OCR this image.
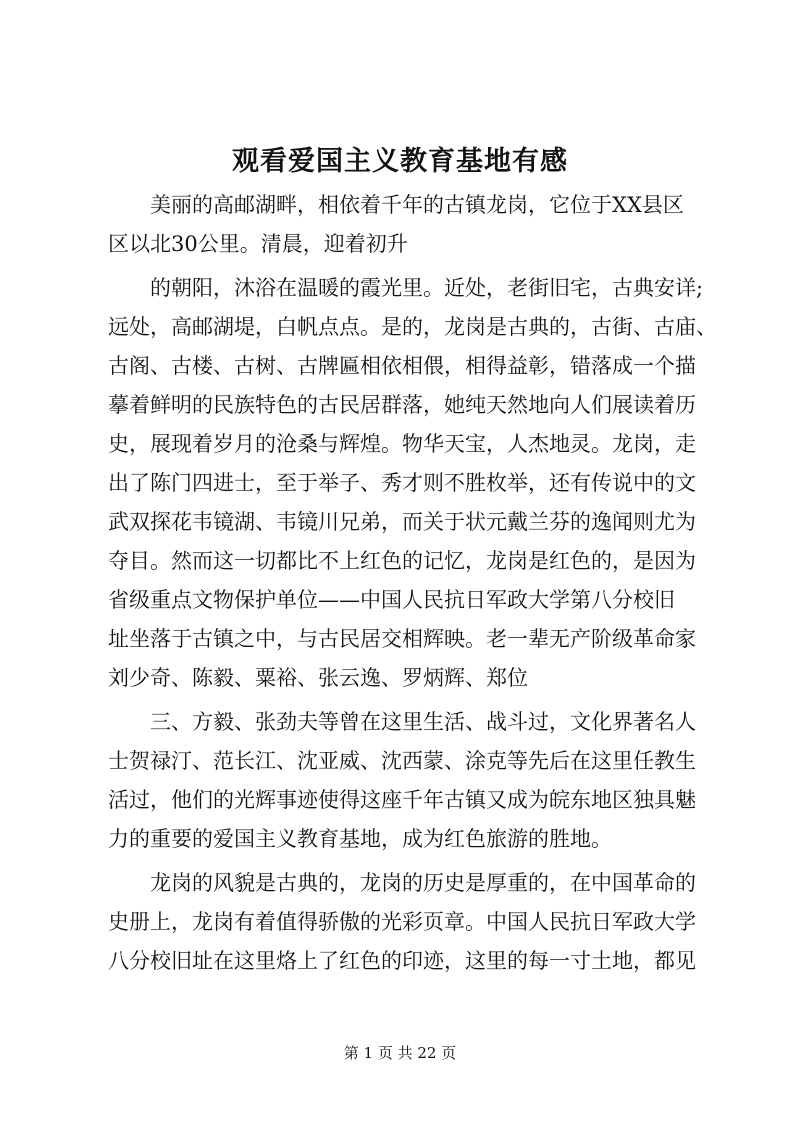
观看爱国主义教育基地有感
美丽的高邮湖畔，相依着千年的古镇龙岗，它位于XX县区
区以北30公里。清晨，迎着初升
的朝阳，沐浴在温暖的霞光里。近处，老街旧宅，古典安详;
远处，高邮湖堤，白帆点点。是的，龙岗是古典的，古街、古庙、
古阁、古楼、古树、古牌匾相依相偎，相得益彰，错落成一个描
摹着鲜明的民族特色的古民居群落，她纯天然地向人们展读着历
史，展现着岁月的沧桑与辉煌。物华天宝，人杰地灵。龙岗，走
出了陈门四进士，至于举子、秀才则不胜枚举，还有传说中的文
武双探花韦镜湖、韦镜川兄弟，而关于状元戴兰芬的逸闻则尤为
夺目。然而这一切都比不上红色的记忆，龙岗是红色的，是因为
省级重点文物保护单位——中国人民抗日军政大学第八分校旧
址坐落于古镇之中，与古民居交相辉映。老一辈无产阶级革命家
刘少奇、陈毅、粟裕、张云逸、罗炳辉、郑位
三、方毅、张劲夫等曾在这里生活、战斗过，文化界著名人
士贺禄汀、范长江、沈亚威、沈西蒙、涂克等先后在这里任教生
活过，他们的光辉事迹使得这座千年古镇又成为皖东地区独具魅
力的重要的爱国主义教育基地，成为红色旅游的胜地。
龙岗的风貌是古典的，龙岗的历史是厚重的，在中国革命的
史册上，龙岗有着值得骄傲的光彩页章。中国人民抗日军政大学
八分校旧址在这里烙上了红色的印迹，这里的每一寸土地，都见
第 1 页 共 22 页
